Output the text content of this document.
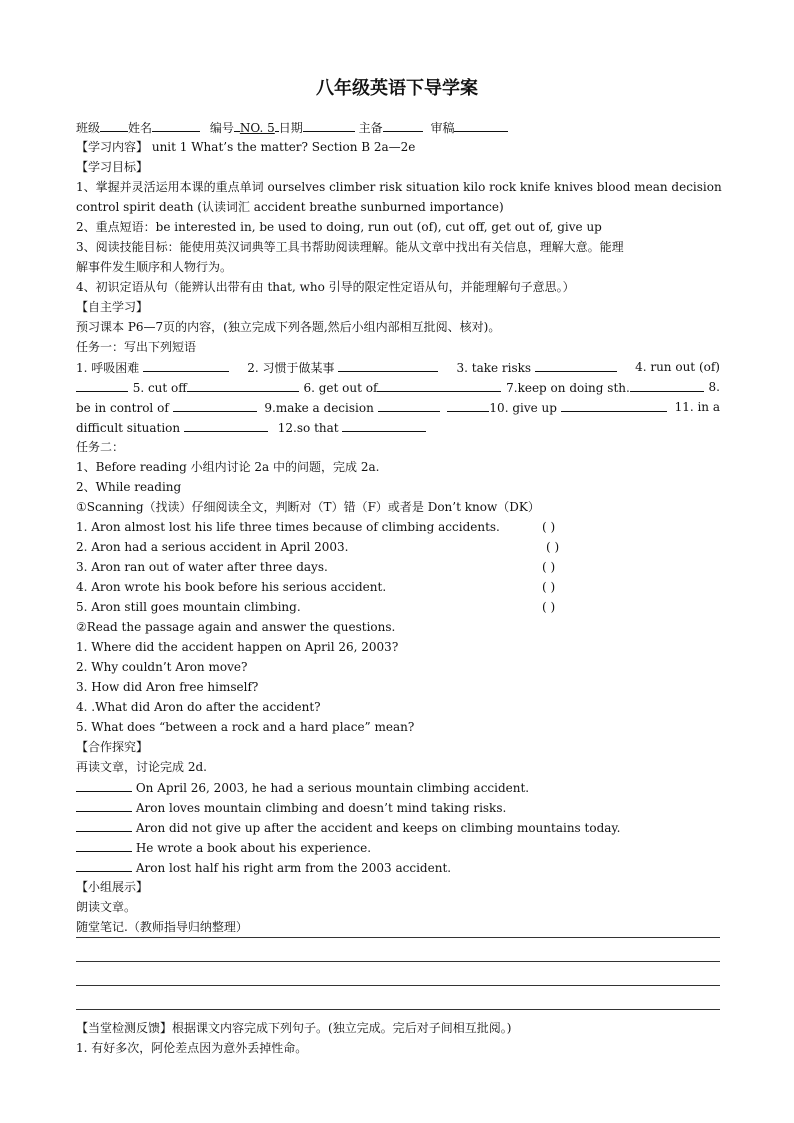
八年级英语下导学案
班级 姓名	编号 NO. 5 日期	主备	审稿
【学习内容】 unit 1 What’s the matter? Section B 2a—2e
【学习目标】
1、掌握并灵活运用本课的重点单词 ourselves climber risk situation kilo rock knife knives blood mean decision
control spirit death (认读词汇 accident breathe sunburned importance)
2、重点短语：be interested in, be used to doing, run out (of), cut off, get out of, give up
3、阅读技能目标：能使用英汉词典等工具书帮助阅读理解。能从文章中找出有关信息，理解大意。能理
解事件发生顺序和人物行为。
4、初识定语从句（能辨认出带有由 that, who 引导的限定性定语从句，并能理解句子意思。）
【自主学习】
预习课本 P6—7页的内容，(独立完成下列各题,然后小组内部相互批阅、核对)。
任务一：写出下列短语
1. 呼吸困难	2. 习惯于做某事	3. take risks	4. run out (of)
5. cut off	6. get out of	7.keep on doing sth.	8.
be in control of	9.make a decision	10. give up	11. in a
difficult situation	12.so that
任务二：
1、Before reading 小组内讨论 2a 中的问题，完成 2a.
2、While reading
①Scanning（找读）仔细阅读全文，判断对（T）错（F）或者是 Don’t know（DK）
1. Aron almost lost his life three times because of climbing accidents.	( )
2. Aron had a serious accident in April 2003.	( )
3. Aron ran out of water after three days.	( )
4. Aron wrote his book before his serious accident.	( )
5. Aron still goes mountain climbing.	( )
②Read the passage again and answer the questions.
1. Where did the accident happen on April 26, 2003?
2. Why couldn’t Aron move?
3. How did Aron free himself?
4. .What did Aron do after the accident?
5. What does “between a rock and a hard place” mean?
【合作探究】
再读文章，讨论完成 2d.
On April 26, 2003, he had a serious mountain climbing accident.
Aron loves mountain climbing and doesn’t mind taking risks.
Aron did not give up after the accident and keeps on climbing mountains today.
He wrote a book about his experience.
Aron lost half his right arm from the 2003 accident.
【小组展示】
朗读文章。
随堂笔记.（教师指导归纳整理）
【当堂检测反馈】根据课文内容完成下列句子。(独立完成。完后对子间相互批阅。)
1. 有好多次，阿伦差点因为意外丢掉性命。
